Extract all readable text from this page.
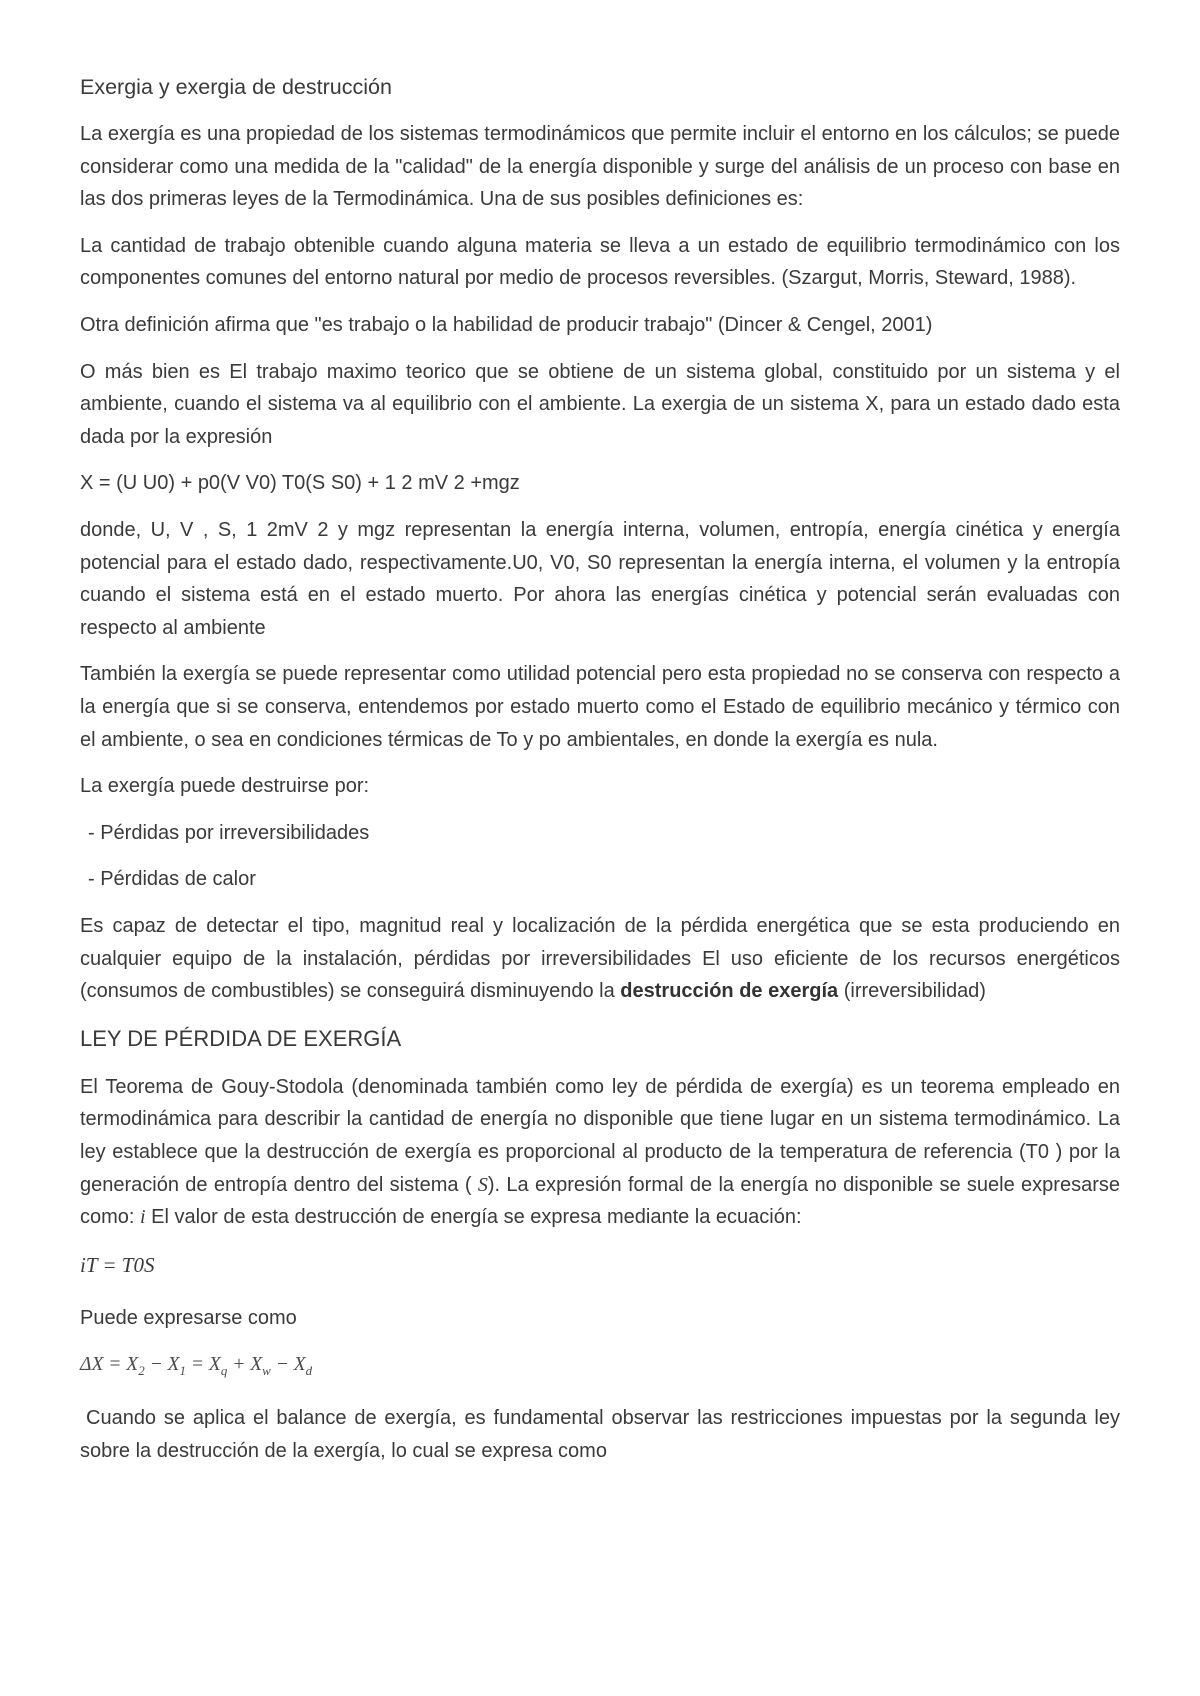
Exergia y exergia de destrucción

La exergía es una propiedad de los sistemas termodinámicos que permite incluir el entorno en los cálculos; se puede considerar como una medida de la "calidad" de la energía disponible y surge del análisis de un proceso con base en las dos primeras leyes de la Termodinámica. Una de sus posibles definiciones es:

La cantidad de trabajo obtenible cuando alguna materia se lleva a un estado de equilibrio termodinámico con los componentes comunes del entorno natural por medio de procesos reversibles. (Szargut, Morris, Steward, 1988).

Otra definición afirma que "es trabajo o la habilidad de producir trabajo" (Dincer & Cengel, 2001)

O más bien es El trabajo maximo teorico que se obtiene de un sistema global, constituido por un sistema y el ambiente, cuando el sistema va al equilibrio con el ambiente. La exergia de un sistema X, para un estado dado esta dada por la expresión

X = (U U0) + p0(V V0) T0(S S0) + 1 2 mV 2 +mgz

donde, U, V , S, 1 2mV 2 y mgz representan la energía interna, volumen, entropía, energía cinética y energía potencial para el estado dado, respectivamente.U0, V0, S0 representan la energía interna, el volumen y la entropía cuando el sistema está en el estado muerto. Por ahora las energías cinética y potencial serán evaluadas con respecto al ambiente

También la exergía se puede representar como utilidad potencial pero esta propiedad no se conserva con respecto a la energía que si se conserva, entendemos por estado muerto como el Estado de equilibrio mecánico y térmico con el ambiente, o sea en condiciones térmicas de To y po ambientales, en donde la exergía es nula.

La exergía puede destruirse por:

- Pérdidas por irreversibilidades

- Pérdidas de calor

Es capaz de detectar el tipo, magnitud real y localización de la pérdida energética que se esta produciendo en cualquier equipo de la instalación, pérdidas por irreversibilidades El uso eficiente de los recursos energéticos (consumos de combustibles) se conseguirá disminuyendo la destrucción de exergía (irreversibilidad)

LEY DE PÉRDIDA DE EXERGÍA

El Teorema de Gouy-Stodola (denominada también como ley de pérdida de exergía) es un teorema empleado en termodinámica para describir la cantidad de energía no disponible que tiene lugar en un sistema termodinámico. La ley establece que la destrucción de exergía es proporcional al producto de la temperatura de referencia (T0 ) por la generación de entropía dentro del sistema ( S). La expresión formal de la energía no disponible se suele expresarse como: i El valor de esta destrucción de energía se expresa mediante la ecuación:

iT = T0S

Puede expresarse como

$\Delta X = X_2 - X_1 = X_q + X_w - X_d$

Cuando se aplica el balance de exergía, es fundamental observar las restricciones impuestas por la segunda ley sobre la destrucción de la exergía, lo cual se expresa como
